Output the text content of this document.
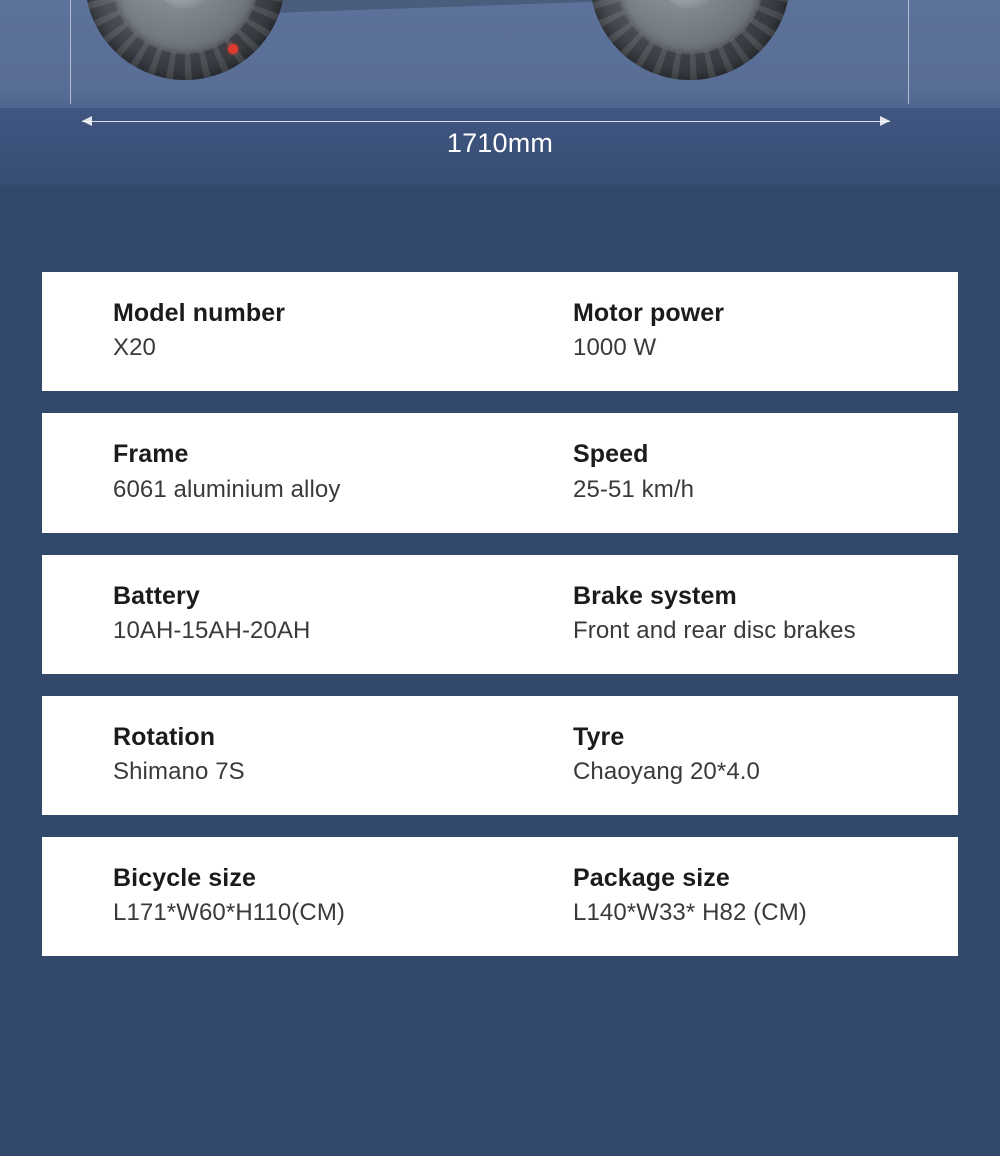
1710mm
Model number
X20
Motor power
1000 W
Frame
6061 aluminium alloy
Speed
25-51 km/h
Battery
10AH-15AH-20AH
Brake system
Front and rear disc brakes
Rotation
Shimano 7S
Tyre
Chaoyang 20*4.0
Bicycle size
L171*W60*H110(CM)
Package size
L140*W33* H82 (CM)
